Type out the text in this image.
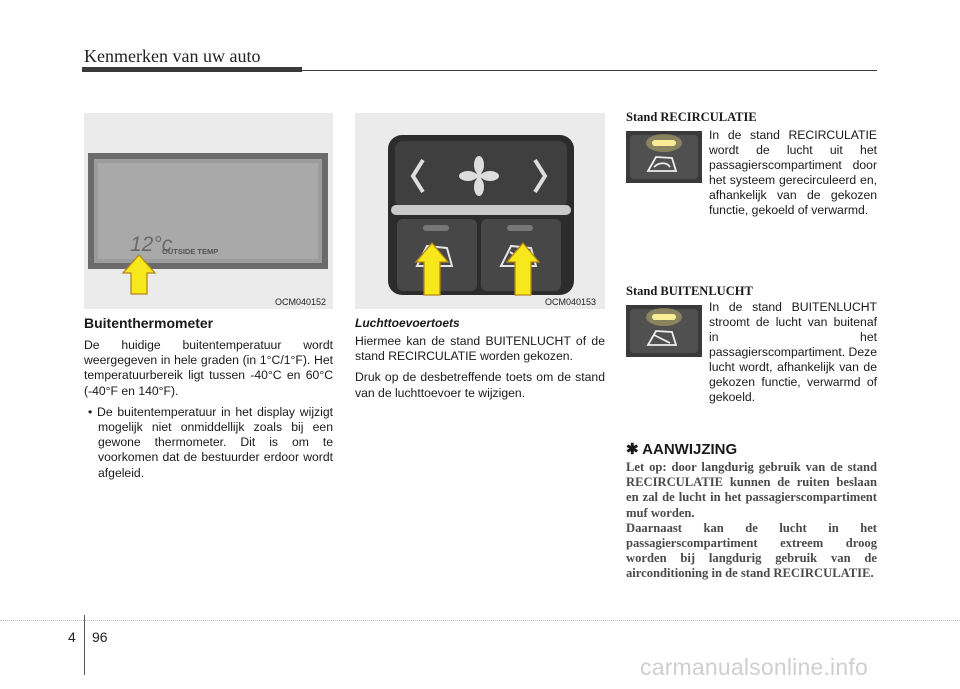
Kenmerken van uw auto
12°c
OUTSIDE TEMP
OCM040152
Buitenthermometer

De huidige buitentemperatuur wordt weergegeven in hele graden (in 1°C/1°F). Het temperatuurbereik ligt tussen -40°C en 60°C (-40°F en 140°F).

• De buitentemperatuur in het display wijzigt mogelijk niet onmiddellijk zoals bij een gewone thermometer. Dit is om te voorkomen dat de bestuurder erdoor wordt afgeleid.

OCM040153
Luchttoevoertoets

Hiermee kan de stand BUITENLUCHT of de stand RECIRCULATIE worden gekozen.

Druk op de desbetreffende toets om de stand van de luchttoevoer te wijzigen.

Stand RECIRCULATIE
In de stand RECIRCULATIE wordt de lucht uit het passagierscompartiment door het systeem gerecirculeerd en, afhankelijk van de gekozen functie, gekoeld of verwarmd.
Stand BUITENLUCHT
In de stand BUITENLUCHT stroomt de lucht van buitenaf in het passagierscompartiment. Deze lucht wordt, afhankelijk van de gekozen functie, verwarmd of gekoeld.
✱ AANWIJZING

Let op: door langdurig gebruik van de stand RECIRCULATIE kunnen de ruiten beslaan en zal de lucht in het passagierscompartiment muf worden.

Daarnaast kan de lucht in het passagierscompartiment extreem droog worden bij langdurig gebruik van de airconditioning in de stand RECIRCULATIE.

4 96
carmanualsonline.info
